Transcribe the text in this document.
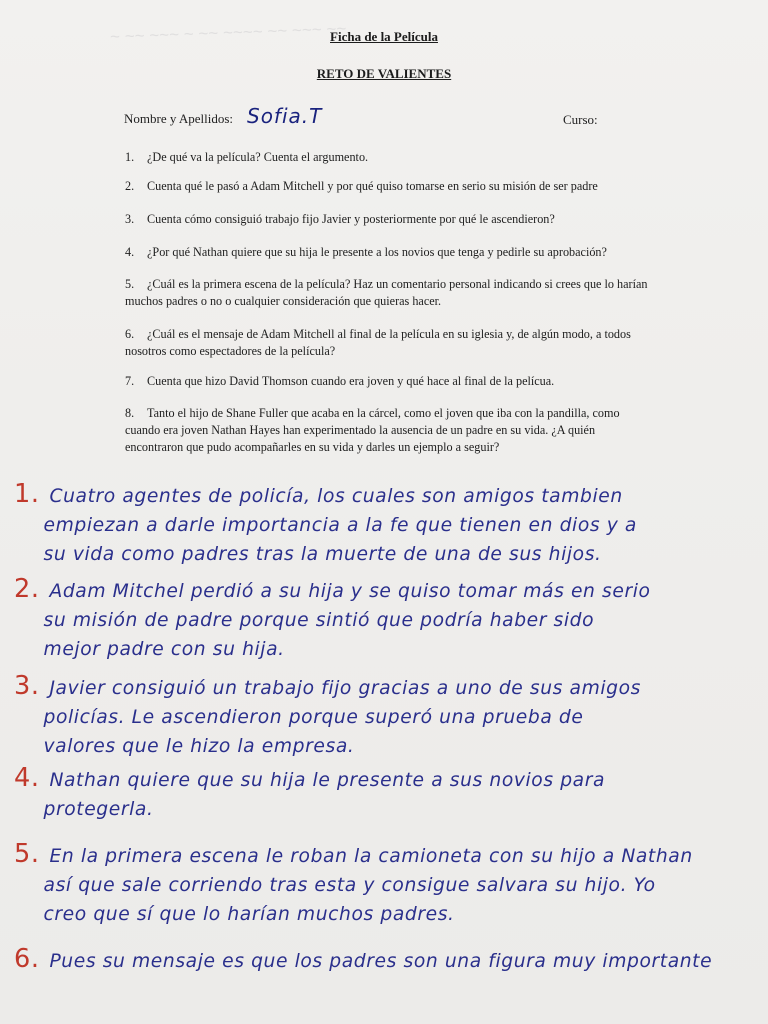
~ ~~ ~~~ ~ ~~ ~~~~ ~~ ~~~ ~~
Ficha de la Película
RETO DE VALIENTES
Nombre y Apellidos: Sofia.T	Curso:
1. ¿De qué va la película? Cuenta el argumento.
2. Cuenta qué le pasó a Adam Mitchell y por qué quiso tomarse en serio su misión de ser padre
3. Cuenta cómo consiguió trabajo fijo Javier y posteriormente por qué le ascendieron?
4. ¿Por qué Nathan quiere que su hija le presente a los novios que tenga y pedirle su aprobación?
5. ¿Cuál es la primera escena de la película? Haz un comentario personal indicando si crees que lo harían muchos padres o no o cualquier consideración que quieras hacer.
6. ¿Cuál es el mensaje de Adam Mitchell al final de la película en su iglesia y, de algún modo, a todos nosotros como espectadores de la película?
7. Cuenta que hizo David Thomson cuando era joven y qué hace al final de la pelícua.
8. Tanto el hijo de Shane Fuller que acaba en la cárcel, como el joven que iba con la pandilla, como cuando era joven Nathan Hayes han experimentado la ausencia de un padre en su vida. ¿A quién encontraron que pudo acompañarles en su vida y darles un ejemplo a seguir?
1. Cuatro agentes de policía, los cuales son amigos tambien
empiezan a darle importancia a la fe que tienen en dios y a
su vida como padres tras la muerte de una de sus hijos.
2. Adam Mitchel perdió a su hija y se quiso tomar más en serio
su misión de padre porque sintió que podría haber sido
mejor padre con su hija.
3. Javier consiguió un trabajo fijo gracias a uno de sus amigos
policías. Le ascendieron porque superó una prueba de
valores que le hizo la empresa.
4. Nathan quiere que su hija le presente a sus novios para
protegerla.
5. En la primera escena le roban la camioneta con su hijo a Nathan
así que sale corriendo tras esta y consigue salvara su hijo. Yo
creo que sí que lo harían muchos padres.
6. Pues su mensaje es que los padres son una figura muy importante
